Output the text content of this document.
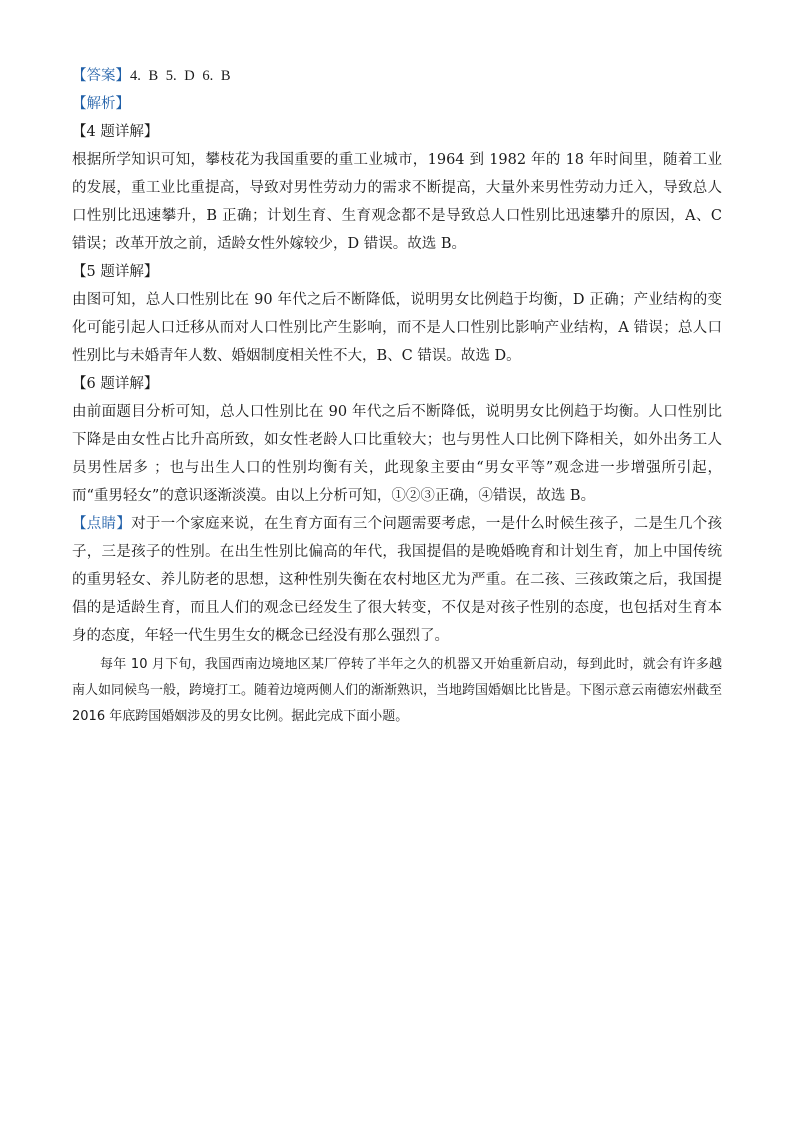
【答案】4. B 5. D 6. B
【解析】
【4 题详解】

根据所学知识可知，攀枝花为我国重要的重工业城市，1964 到 1982 年的 18 年时间里，随着工业的发展，重工业比重提高，导致对男性劳动力的需求不断提高，大量外来男性劳动力迁入，导致总人口性别比迅速攀升，B 正确；计划生育、生育观念都不是导致总人口性别比迅速攀升的原因，A、C 错误；改革开放之前，适龄女性外嫁较少，D 错误。故选 B。

【5 题详解】

由图可知，总人口性别比在 90 年代之后不断降低，说明男女比例趋于均衡，D 正确；产业结构的变化可能引起人口迁移从而对人口性别比产生影响，而不是人口性别比影响产业结构，A 错误；总人口性别比与未婚青年人数、婚姻制度相关性不大，B、C 错误。故选 D。

【6 题详解】

由前面题目分析可知，总人口性别比在 90 年代之后不断降低，说明男女比例趋于均衡。人口性别比下降是由女性占比升高所致，如女性老龄人口比重较大；也与男性人口比例下降相关，如外出务工人员男性居多 ；也与出生人口的性别均衡有关，此现象主要由“男女平等”观念进一步增强所引起，而“重男轻女”的意识逐渐淡漠。由以上分析可知，①②③正确，④错误，故选 B。

【点睛】对于一个家庭来说，在生育方面有三个问题需要考虑，一是什么时候生孩子，二是生几个孩子，三是孩子的性别。在出生性别比偏高的年代，我国提倡的是晚婚晚育和计划生育，加上中国传统的重男轻女、养儿防老的思想，这种性别失衡在农村地区尤为严重。在二孩、三孩政策之后，我国提倡的是适龄生育，而且人们的观念已经发生了很大转变，不仅是对孩子性别的态度，也包括对生育本身的态度，年轻一代生男生女的概念已经没有那么强烈了。

每年 10 月下旬，我国西南边境地区某厂停转了半年之久的机器又开始重新启动，每到此时，就会有许多越南人如同候鸟一般，跨境打工。随着边境两侧人们的渐渐熟识，当地跨国婚姻比比皆是。下图示意云南德宏州截至 2016 年底跨国婚姻涉及的男女比例。据此完成下面小题。
